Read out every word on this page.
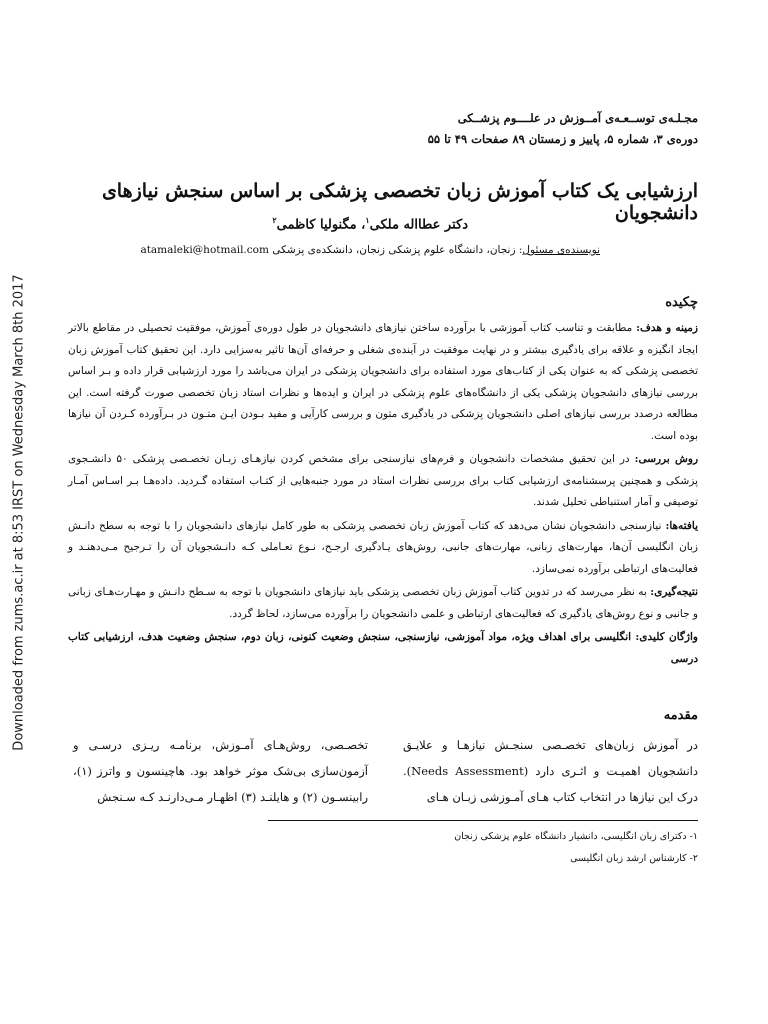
Downloaded from zums.ac.ir at 8:53 IRST on Wednesday March 8th 2017
مجـلـه‌ی توســعـه‌ی آمــوزش در علــــوم پزشــکی
دوره‌ی ۳، شماره ۵، پاییز و زمستان ۸۹ صفحات ۴۹ تا ۵۵
ارزشیابی یک کتاب آموزش زبان تخصصی پزشکی بر اساس سنجش نیازهای دانشجویان
دکتر عطااله ملکی$^۱$، مگنولیا کاظمی$^۲$
نویسنده‌ی مسئول: زنجان، دانشگاه علوم پزشکی زنجان، دانشکده‌ی پزشکی atamaleki@hotmail.com
چکیده

زمینه و هدف: مطابقت و تناسب کتاب آموزشی با برآورده ساختن نیازهای دانشجویان در طول دوره‌ی آموزش، موفقیت تحصیلی در مقاطع بالاتر ایجاد انگیزه و علاقه برای یادگیری بیشتر و در نهایت موفقیت در آینده‌ی شغلی و حرفه‌ای آن‌ها تاثیر به‌سزایی دارد. این تحقیق کتاب آموزش زبان تخصصی پزشکی که به عنوان یکی از کتاب‌های مورد استفاده برای دانشجویان پزشکی در ایران می‌باشد را مورد ارزشیابی قرار داده و بـر اساس بررسی نیازهای دانشجویان پزشکی یکی از دانشگاه‌های علوم پزشکی در ایران و ایده‌ها و نظرات استاد زبان تخصصی صورت گرفته است. این مطالعه درصدد بررسی نیازهای اصلی دانشجویان پزشکی در یادگیری متون و بررسی کارآیی و مفید بـودن ایـن متـون در بـرآورده کـردن آن نیازها بوده است.

روش بررسی: در این تحقیق مشخصات دانشجویان و فرم‌های نیازسنجی برای مشخص کردن نیازهـای زبـان تخصـصی پزشکی ۵۰ دانشـجوی پزشکی و همچنین پرسشنامه‌ی ارزشیابی کتاب برای بررسی نظرات استاد در مورد جنبه‌هایی از کتـاب استفاده گـردید. داده‌هـا بـر اسـاس آمـار توصیفی و آمار استنباطی تحلیل شدند.

یافته‌ها: نیازسنجی دانشجویان نشان می‌دهد که کتاب آموزش زبان تخصصی پزشکی به طور کامل نیازهای دانشجویان را با توجه به سطح دانـش زبان انگلیسی آن‌ها، مهارت‌های زبانی، مهارت‌های جانبی، روش‌های یـادگیری ارجـح، نـوع تعـاملی کـه دانـشجویان آن را تـرجیح مـی‌دهنـد و فعالیت‌های ارتباطی برآورده نمی‌سازد.

نتیجه‌گیری: به نظر می‌رسد که در تدوین کتاب آموزش زبان تخصصی پزشکی باید نیازهای دانشجویان با توجه به سـطح دانـش و مهـارت‌هـای زبانی و جانبی و نوع روش‌های یادگیری که فعالیت‌های ارتباطی و علمی دانشجویان را برآورده می‌سازد، لحاظ گردد.

واژگان کلیدی: انگلیسی برای اهداف ویژه، مواد آموزشی، نیازسنجی، سنجش وضعیت کنونی، زبان دوم، سنجش وضعیت هدف، ارزشیابی کتاب درسی

مقدمه

در آموزش زبان‌های تخصـصی سنجـش نیازهـا و علایـق دانشجویان اهمیـت و اثـری دارد (Needs Assessment). درک این نیازها در انتخاب کتاب هـای آمـوزشی زبـان هـای

تخصـصی، روش‌هـای آمـوزش، برنامـه ریـزی درسـی و آزمون‌سازی بی‌شک موثر خواهد بود. هاچینسون و واترز (۱)، رابینسـون (۲) و هایلنـد (۳) اظهـار مـی‌دارنـد کـه سـنجش

۱- دکترای زبان انگلیسی، دانشیار دانشگاه علوم پزشکی زنجان
۲- کارشناس ارشد زبان انگلیسی
